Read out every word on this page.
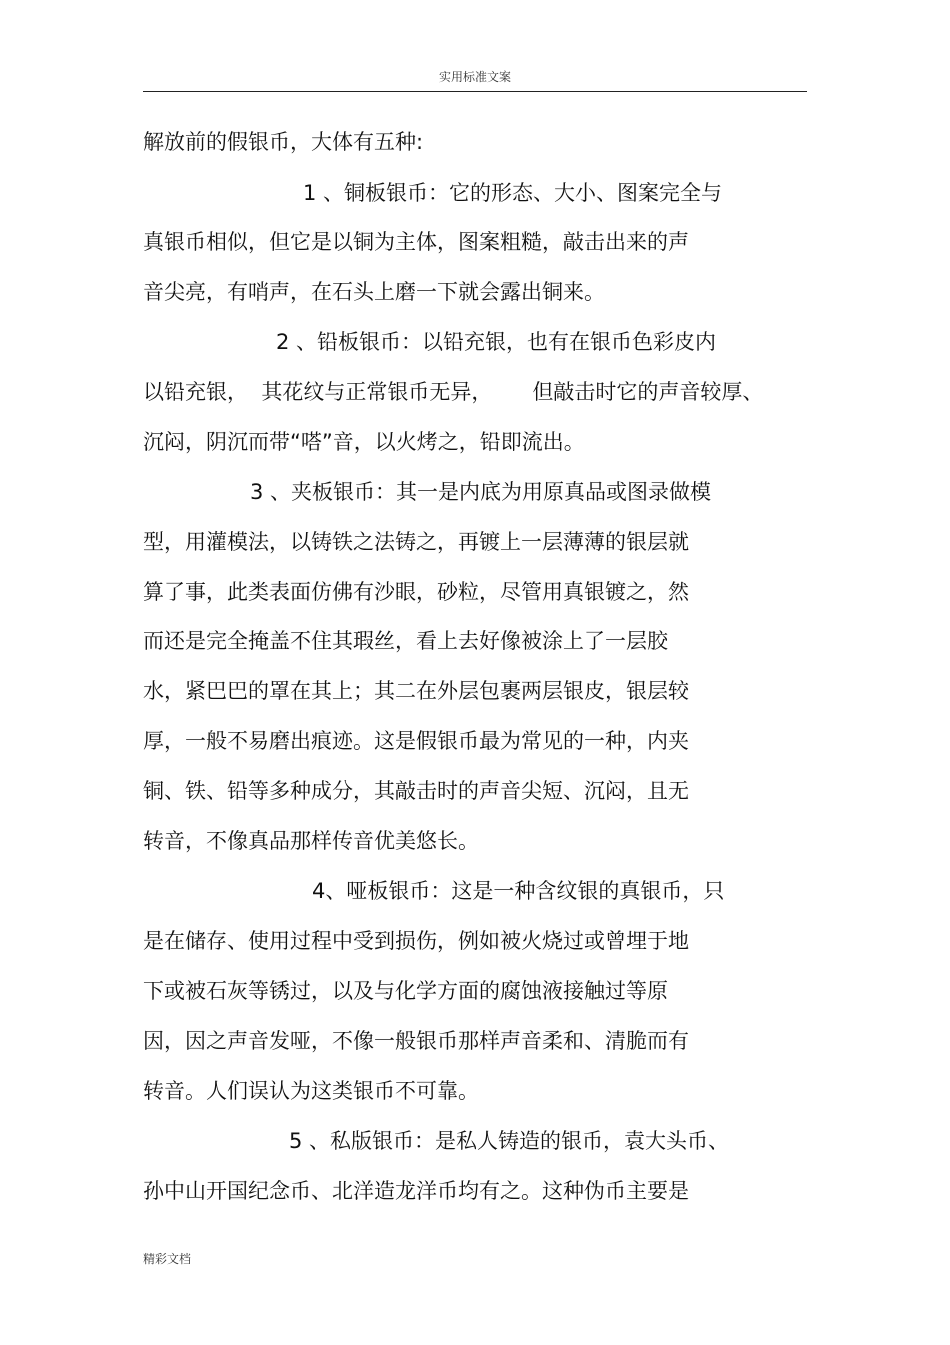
实用标准文案
解放前的假银币，大体有五种:
1 、铜板银币：它的形态、大小、图案完全与
真银币相似，但它是以铜为主体，图案粗糙，敲击出来的声
音尖亮，有哨声，在石头上磨一下就会露出铜来。
2 、铅板银币：以铅充银，也有在银币色彩皮内
以铅充银，  其花纹与正常银币无异，      但敲击时它的声音较厚、
沉闷，阴沉而带“嗒”音，以火烤之，铅即流出。
3 、夹板银币：其一是内底为用原真品或图录做模
型，用灌模法，以铸铁之法铸之，再镀上一层薄薄的银层就
算了事，此类表面仿佛有沙眼，砂粒，尽管用真银镀之，然
而还是完全掩盖不住其瑕丝，看上去好像被涂上了一层胶
水，紧巴巴的罩在其上；其二在外层包裹两层银皮，银层较
厚，一般不易磨出痕迹。这是假银币最为常见的一种，内夹
铜、铁、铅等多种成分，其敲击时的声音尖短、沉闷，且无
转音，不像真品那样传音优美悠长。
4、哑板银币：这是一种含纹银的真银币，只
是在储存、使用过程中受到损伤，例如被火烧过或曾埋于地
下或被石灰等锈过，以及与化学方面的腐蚀液接触过等原
因，因之声音发哑，不像一般银币那样声音柔和、清脆而有
转音。人们误认为这类银币不可靠。
5 、私版银币：是私人铸造的银币，袁大头币、
孙中山开国纪念币、北洋造龙洋币均有之。这种伪币主要是
精彩文档
